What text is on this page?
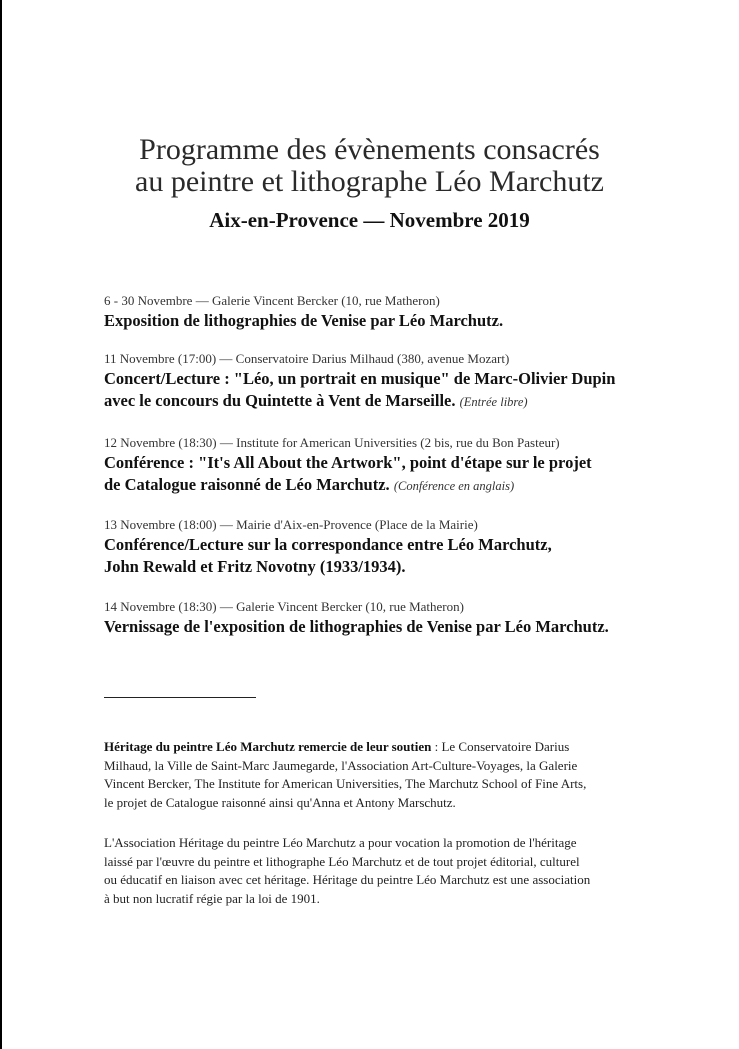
Programme des évènements consacrés
au peintre et lithographe Léo Marchutz
Aix-en-Provence — Novembre 2019
6 - 30 Novembre — Galerie Vincent Bercker (10, rue Matheron)
Exposition de lithographies de Venise par Léo Marchutz.
11 Novembre (17:00) — Conservatoire Darius Milhaud (380, avenue Mozart)
Concert/Lecture : "Léo, un portrait en musique" de Marc-Olivier Dupin
avec le concours du Quintette à Vent de Marseille. (Entrée libre)
12 Novembre (18:30) — Institute for American Universities (2 bis, rue du Bon Pasteur)
Conférence : "It's All About the Artwork", point d'étape sur le projet
de Catalogue raisonné de Léo Marchutz. (Conférence en anglais)
13 Novembre (18:00) — Mairie d'Aix-en-Provence (Place de la Mairie)
Conférence/Lecture sur la correspondance entre Léo Marchutz,
John Rewald et Fritz Novotny (1933/1934).
14 Novembre (18:30) — Galerie Vincent Bercker (10, rue Matheron)
Vernissage de l'exposition de lithographies de Venise par Léo Marchutz.
Héritage du peintre Léo Marchutz remercie de leur soutien : Le Conservatoire Darius
Milhaud, la Ville de Saint-Marc Jaumegarde, l'Association Art-Culture-Voyages, la Galerie
Vincent Bercker, The Institute for American Universities, The Marchutz School of Fine Arts,
le projet de Catalogue raisonné ainsi qu'Anna et Antony Marschutz.
L'Association Héritage du peintre Léo Marchutz a pour vocation la promotion de l'héritage
laissé par l'œuvre du peintre et lithographe Léo Marchutz et de tout projet éditorial, culturel
ou éducatif en liaison avec cet héritage. Héritage du peintre Léo Marchutz est une association
à but non lucratif régie par la loi de 1901.
